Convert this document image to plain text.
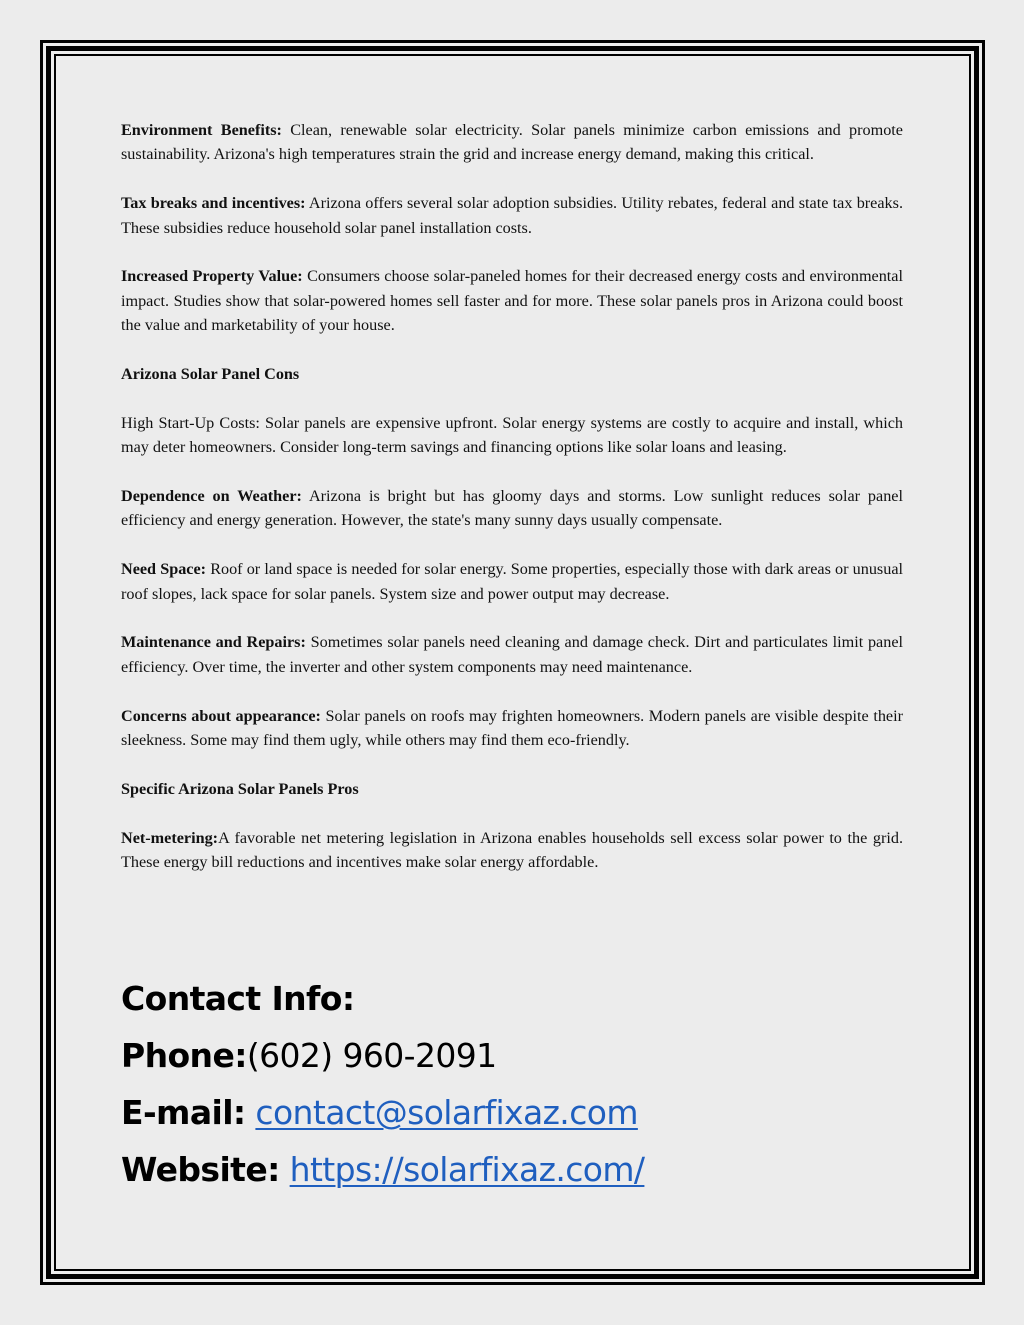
Environment Benefits: Clean, renewable solar electricity. Solar panels minimize carbon emissions and promote sustainability. Arizona's high temperatures strain the grid and increase energy demand, making this critical.

Tax breaks and incentives: Arizona offers several solar adoption subsidies. Utility rebates, federal and state tax breaks. These subsidies reduce household solar panel installation costs.

Increased Property Value: Consumers choose solar-paneled homes for their decreased energy costs and environmental impact. Studies show that solar-powered homes sell faster and for more. These solar panels pros in Arizona could boost the value and marketability of your house.

Arizona Solar Panel Cons

High Start-Up Costs: Solar panels are expensive upfront. Solar energy systems are costly to acquire and install, which may deter homeowners. Consider long-term savings and financing options like solar loans and leasing.

Dependence on Weather: Arizona is bright but has gloomy days and storms. Low sunlight reduces solar panel efficiency and energy generation. However, the state's many sunny days usually compensate.

Need Space: Roof or land space is needed for solar energy. Some properties, especially those with dark areas or unusual roof slopes, lack space for solar panels. System size and power output may decrease.

Maintenance and Repairs: Sometimes solar panels need cleaning and damage check. Dirt and particulates limit panel efficiency. Over time, the inverter and other system components may need maintenance.

Concerns about appearance: Solar panels on roofs may frighten homeowners. Modern panels are visible despite their sleekness. Some may find them ugly, while others may find them eco-friendly.

Specific Arizona Solar Panels Pros

Net-metering:A favorable net metering legislation in Arizona enables households sell excess solar power to the grid. These energy bill reductions and incentives make solar energy affordable.

Contact Info:
Phone:(602) 960-2091
E-mail: contact@solarfixaz.com
Website: https://solarfixaz.com/
